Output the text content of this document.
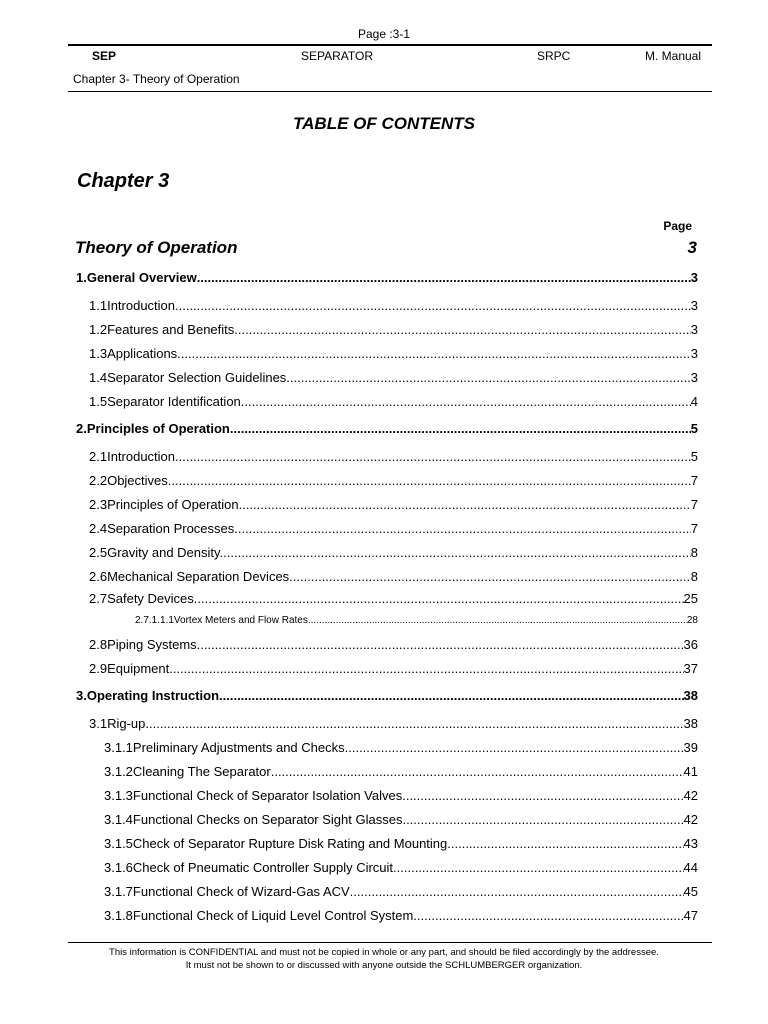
Page :3-1
SEP	SEPARATOR	SRPC	M. Manual
Chapter 3- Theory of Operation
TABLE OF CONTENTS
Chapter 3
Page
Theory of Operation	3
1. General Overview .....	3
1.1 Introduction .....	3
1.2 Features and Benefits. .....	3
1.3 Applications. .....	3
1.4 Separator Selection Guidelines. .....	3
1.5 Separator Identification .....	4
2. Principles of Operation .....	5
2.1 Introduction. .....	5
2.2 Objectives. .....	7
2.3 Principles of Operation. .....	7
2.4 Separation Processes. .....	7
2.5 Gravity and Density. .....	8
2.6 Mechanical Separation Devices. .....	8
2.7 Safety Devices .....	25
2.7.1.1.1 Vortex Meters and Flow Rates .....	28
2.8 Piping Systems .....	36
2.9 Equipment. .....	37
3. Operating Instruction .....	38
3.1 Rig-up .....	38
3.1.1 Preliminary Adjustments and Checks .....	39
3.1.2 Cleaning The Separator .....	41
3.1.3 Functional Check of Separator Isolation Valves .....	42
3.1.4 Functional Checks on Separator Sight Glasses .....	42
3.1.5 Check of Separator Rupture Disk Rating and Mounting .....	43
3.1.6 Check of Pneumatic Controller Supply Circuit .....	44
3.1.7 Functional Check of Wizard-Gas ACV .....	45
3.1.8 Functional Check of Liquid Level Control System .....	47
This information is CONFIDENTIAL and must not be copied in whole or any part, and should be filed accordingly by the addressee.
It must not be shown to or discussed with anyone outside the SCHLUMBERGER organization.
